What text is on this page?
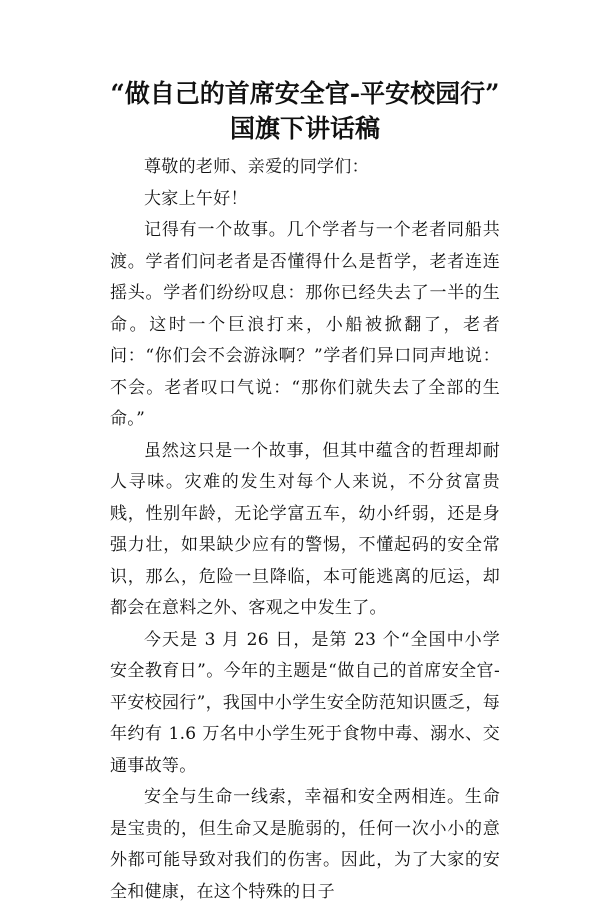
“做自己的首席安全官-平安校园行”
国旗下讲话稿

尊敬的老师、亲爱的同学们：

大家上午好！

记得有一个故事。几个学者与一个老者同船共渡。学者们问老者是否懂得什么是哲学，老者连连摇头。学者们纷纷叹息：那你已经失去了一半的生命。这时一个巨浪打来，小船被掀翻了，老者问：“你们会不会游泳啊？”学者们异口同声地说：不会。老者叹口气说：“那你们就失去了全部的生命。”

虽然这只是一个故事，但其中蕴含的哲理却耐人寻味。灾难的发生对每个人来说，不分贫富贵贱，性别年龄，无论学富五车，幼小纤弱，还是身强力壮，如果缺少应有的警惕，不懂起码的安全常识，那么，危险一旦降临，本可能逃离的厄运，却都会在意料之外、客观之中发生了。

今天是 3 月 26 日，是第 23 个“全国中小学安全教育日”。今年的主题是“做自己的首席安全官-平安校园行”，我国中小学生安全防范知识匮乏，每年约有 1.6 万名中小学生死于食物中毒、溺水、交通事故等。

安全与生命一线索，幸福和安全两相连。生命是宝贵的，但生命又是脆弱的，任何一次小小的意外都可能导致对我们的伤害。因此，为了大家的安全和健康，在这个特殊的日子
